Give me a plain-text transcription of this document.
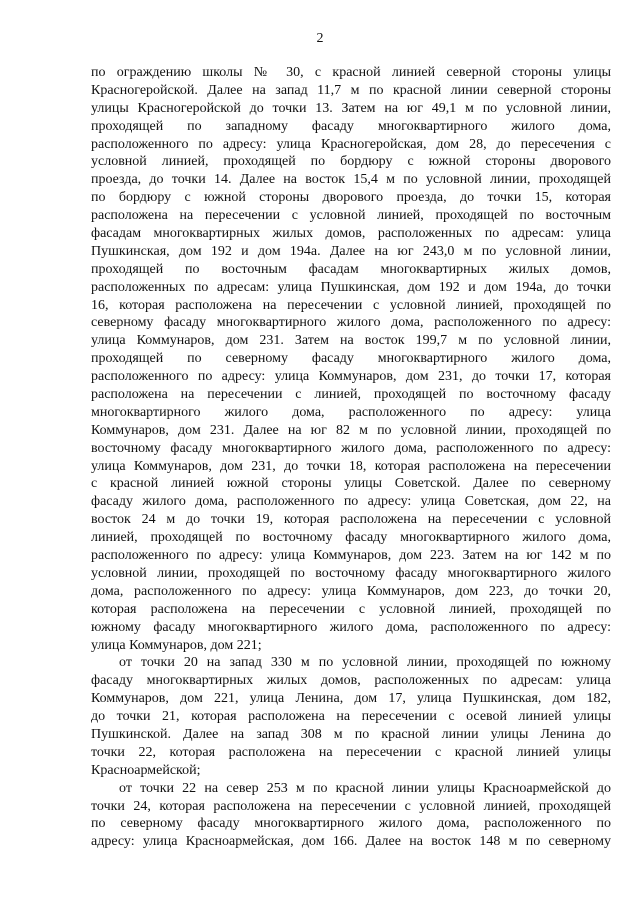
2
по ограждению школы № 30, с красной линией северной стороны улицы
Красногеройской. Далее на запад 11,7 м по красной линии северной стороны
улицы Красногеройской до точки 13. Затем на юг 49,1 м по условной линии,
проходящей по западному фасаду многоквартирного жилого дома,
расположенного по адресу: улица Красногеройская, дом 28, до пересечения с
условной линией, проходящей по бордюру с южной стороны дворового
проезда, до точки 14. Далее на восток 15,4 м по условной линии, проходящей
по бордюру с южной стороны дворового проезда, до точки 15, которая
расположена на пересечении с условной линией, проходящей по восточным
фасадам многоквартирных жилых домов, расположенных по адресам: улица
Пушкинская, дом 192 и дом 194а. Далее на юг 243,0 м по условной линии,
проходящей по восточным фасадам многоквартирных жилых домов,
расположенных по адресам: улица Пушкинская, дом 192 и дом 194а, до точки
16, которая расположена на пересечении с условной линией, проходящей по
северному фасаду многоквартирного жилого дома, расположенного по адресу:
улица Коммунаров, дом 231. Затем на восток 199,7 м по условной линии,
проходящей по северному фасаду многоквартирного жилого дома,
расположенного по адресу: улица Коммунаров, дом 231, до точки 17, которая
расположена на пересечении с линией, проходящей по восточному фасаду
многоквартирного жилого дома, расположенного по адресу: улица
Коммунаров, дом 231. Далее на юг 82 м по условной линии, проходящей по
восточному фасаду многоквартирного жилого дома, расположенного по адресу:
улица Коммунаров, дом 231, до точки 18, которая расположена на пересечении
с красной линией южной стороны улицы Советской. Далее по северному
фасаду жилого дома, расположенного по адресу: улица Советская, дом 22, на
восток 24 м до точки 19, которая расположена на пересечении с условной
линией, проходящей по восточному фасаду многоквартирного жилого дома,
расположенного по адресу: улица Коммунаров, дом 223. Затем на юг 142 м по
условной линии, проходящей по восточному фасаду многоквартирного жилого
дома, расположенного по адресу: улица Коммунаров, дом 223, до точки 20,
которая расположена на пересечении с условной линией, проходящей по
южному фасаду многоквартирного жилого дома, расположенного по адресу:
улица Коммунаров, дом 221;
от точки 20 на запад 330 м по условной линии, проходящей по южному
фасаду многоквартирных жилых домов, расположенных по адресам: улица
Коммунаров, дом 221, улица Ленина, дом 17, улица Пушкинская, дом 182,
до точки 21, которая расположена на пересечении с осевой линией улицы
Пушкинской. Далее на запад 308 м по красной линии улицы Ленина до
точки 22, которая расположена на пересечении с красной линией улицы
Красноармейской;
от точки 22 на север 253 м по красной линии улицы Красноармейской до
точки 24, которая расположена на пересечении с условной линией, проходящей
по северному фасаду многоквартирного жилого дома, расположенного по
адресу: улица Красноармейская, дом 166. Далее на восток 148 м по северному
